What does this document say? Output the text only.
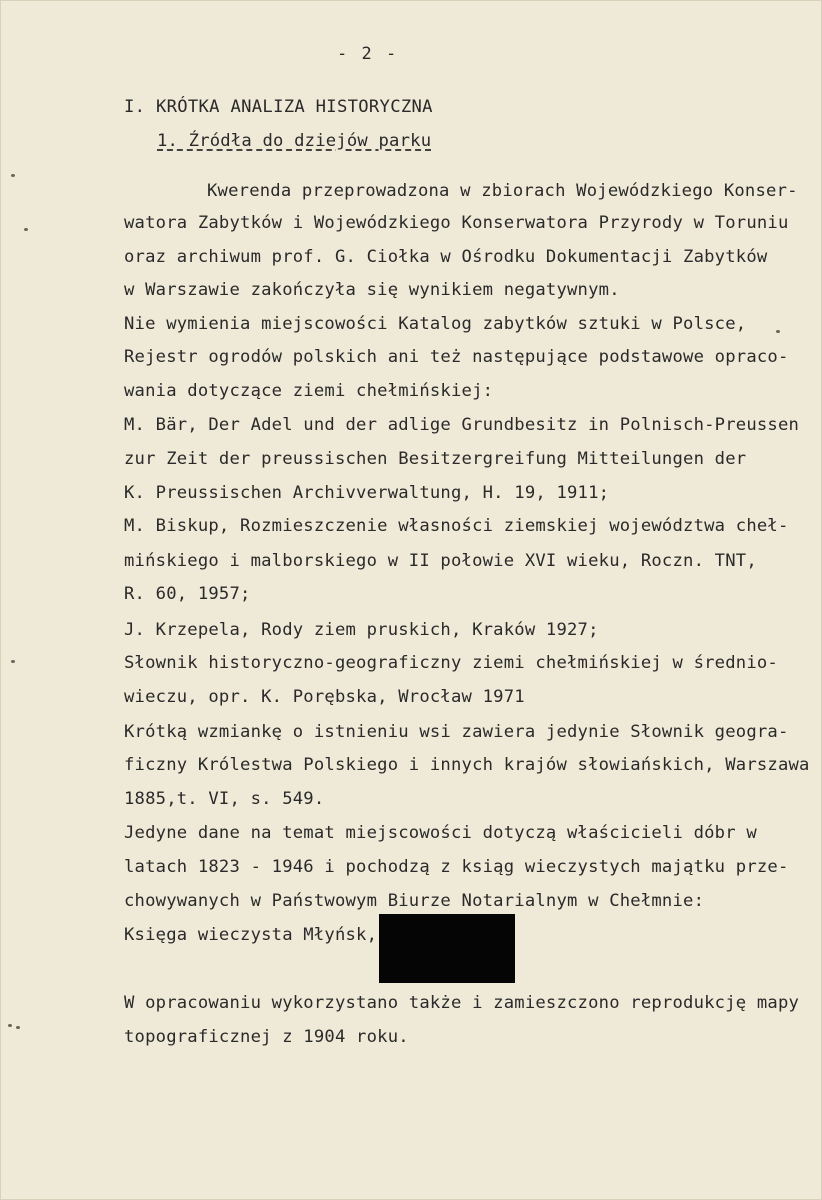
- 2 -
I. KRÓTKA ANALIZA HISTORYCZNA
1. Źródła do dziejów parku
Kwerenda przeprowadzona w zbiorach Wojewódzkiego Konser-
watora Zabytków i Wojewódzkiego Konserwatora Przyrody w Toruniu
oraz archiwum prof. G. Ciołka w Ośrodku Dokumentacji Zabytków
w Warszawie zakończyła się wynikiem negatywnym.
Nie wymienia miejscowości Katalog zabytków sztuki w Polsce,
Rejestr ogrodów polskich ani też następujące podstawowe opraco-
wania dotyczące ziemi chełmińskiej:
M. Bär, Der Adel und der adlige Grundbesitz in Polnisch-Preussen
zur Zeit der preussischen Besitzergreifung Mitteilungen der
K. Preussischen Archivverwaltung, H. 19, 1911;
M. Biskup, Rozmieszczenie własności ziemskiej województwa cheł-
mińskiego i malborskiego w II połowie XVI wieku, Roczn. TNT,
R. 60, 1957;
J. Krzepela, Rody ziem pruskich, Kraków 1927;
Słownik historyczno-geograficzny ziemi chełmińskiej w średnio-
wieczu, opr. K. Porębska, Wrocław 1971
Krótką wzmiankę o istnieniu wsi zawiera jedynie Słownik geogra-
ficzny Królestwa Polskiego i innych krajów słowiańskich, Warszawa
1885,t. VI, s. 549.
Jedyne dane na temat miejscowości dotyczą właścicieli dóbr w
latach 1823 - 1946 i pochodzą z ksiąg wieczystych majątku prze-
chowywanych w Państwowym Biurze Notarialnym w Chełmnie:
Księga wieczysta Młyńsk,
W opracowaniu wykorzystano także i zamieszczono reprodukcję mapy
topograficznej z 1904 roku.
